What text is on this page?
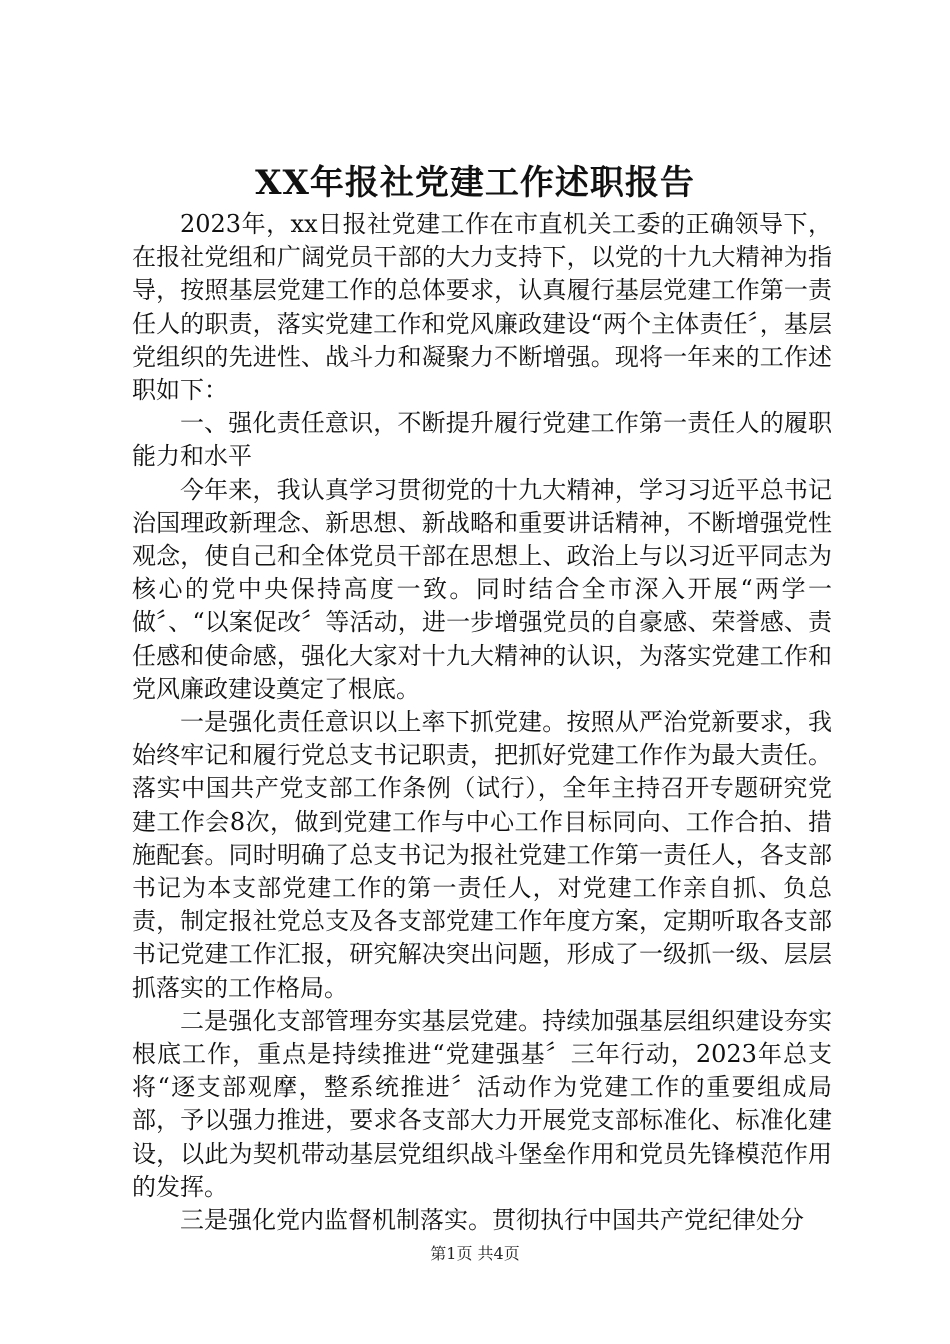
XX年报社党建工作述职报告

2023年，xx日报社党建工作在市直机关工委的正确领导下，在报社党组和广阔党员干部的大力支持下，以党的十九大精神为指导，按照基层党建工作的总体要求，认真履行基层党建工作第一责任人的职责，落实党建工作和党风廉政建设“两个主体责任〞，基层党组织的先进性、战斗力和凝聚力不断增强。现将一年来的工作述职如下：

一、强化责任意识，不断提升履行党建工作第一责任人的履职能力和水平

今年来，我认真学习贯彻党的十九大精神，学习习近平总书记治国理政新理念、新思想、新战略和重要讲话精神，不断增强党性观念，使自己和全体党员干部在思想上、政治上与以习近平同志为核心的党中央保持高度一致。同时结合全市深入开展“两学一做〞、“以案促改〞等活动，进一步增强党员的自豪感、荣誉感、责任感和使命感，强化大家对十九大精神的认识，为落实党建工作和党风廉政建设奠定了根底。

一是强化责任意识以上率下抓党建。按照从严治党新要求，我始终牢记和履行党总支书记职责，把抓好党建工作作为最大责任。落实中国共产党支部工作条例（试行），全年主持召开专题研究党建工作会8次，做到党建工作与中心工作目标同向、工作合拍、措施配套。同时明确了总支书记为报社党建工作第一责任人，各支部书记为本支部党建工作的第一责任人，对党建工作亲自抓、负总责，制定报社党总支及各支部党建工作年度方案，定期听取各支部书记党建工作汇报，研究解决突出问题，形成了一级抓一级、层层抓落实的工作格局。

二是强化支部管理夯实基层党建。持续加强基层组织建设夯实根底工作，重点是持续推进“党建强基〞三年行动，2023年总支将“逐支部观摩，整系统推进〞活动作为党建工作的重要组成局部，予以强力推进，要求各支部大力开展党支部标准化、标准化建设，以此为契机带动基层党组织战斗堡垒作用和党员先锋模范作用的发挥。

三是强化党内监督机制落实。贯彻执行中国共产党纪律处分

第1页 共4页
